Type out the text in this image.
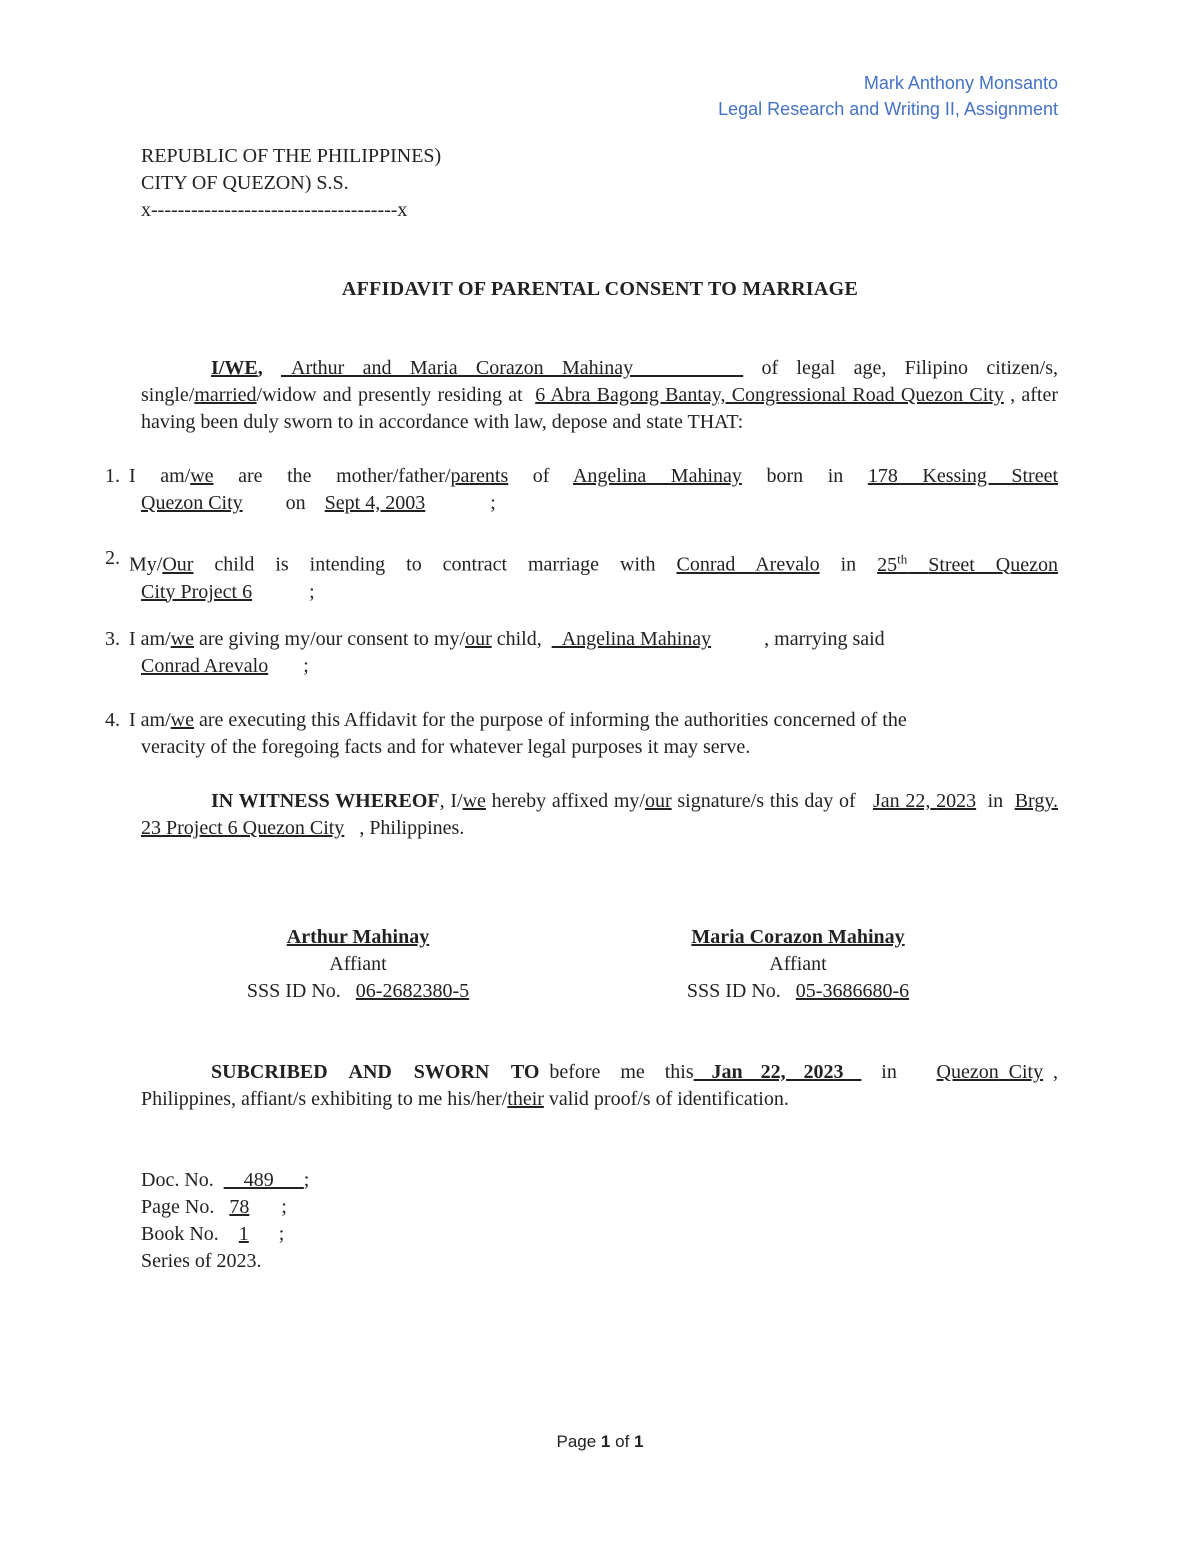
Mark Anthony Monsanto
Legal Research and Writing II, Assignment
REPUBLIC OF THE PHILIPPINES)
CITY OF QUEZON) S.S.
x-------------------------------------x
AFFIDAVIT OF PARENTAL CONSENT TO MARRIAGE
I/WE, _Arthur and Maria Corazon Mahinay___________ of legal age, Filipino citizen/s, single/married/widow and presently residing at 6 Abra Bagong Bantay, Congressional Road Quezon City , after having been duly sworn to in accordance with law, depose and state THAT:
1. I am/we are the mother/father/parents of Angelina Mahinay born in 178 Kessing Street
Quezon City on Sept 4, 2003	;
2. My/Our child is intending to contract marriage with Conrad Arevalo in 25th Street Quezon
City Project 6	;
3. I am/we are giving my/our consent to my/our child, _Angelina Mahinay	, marrying said
Conrad Arevalo ;
4. I am/we are executing this Affidavit for the purpose of informing the authorities concerned of the
veracity of the foregoing facts and for whatever legal purposes it may serve.
IN WITNESS WHEREOF, I/we hereby affixed my/our signature/s this day of Jan 22, 2023 in Brgy. 23 Project 6 Quezon City , Philippines.
Arthur Mahinay
Affiant
SSS ID No. 06-2682380-5
Maria Corazon Mahinay
Affiant
SSS ID No. 05-3686680-6
SUBCRIBED AND SWORN TO before me this Jan 22, 2023   in Quezon City , Philippines, affiant/s exhibiting to me his/her/their valid proof/s of identification.
Doc. No. __489___;
Page No. 78 ;
Book No. 1 ;
Series of 2023.
Page 1 of 1
